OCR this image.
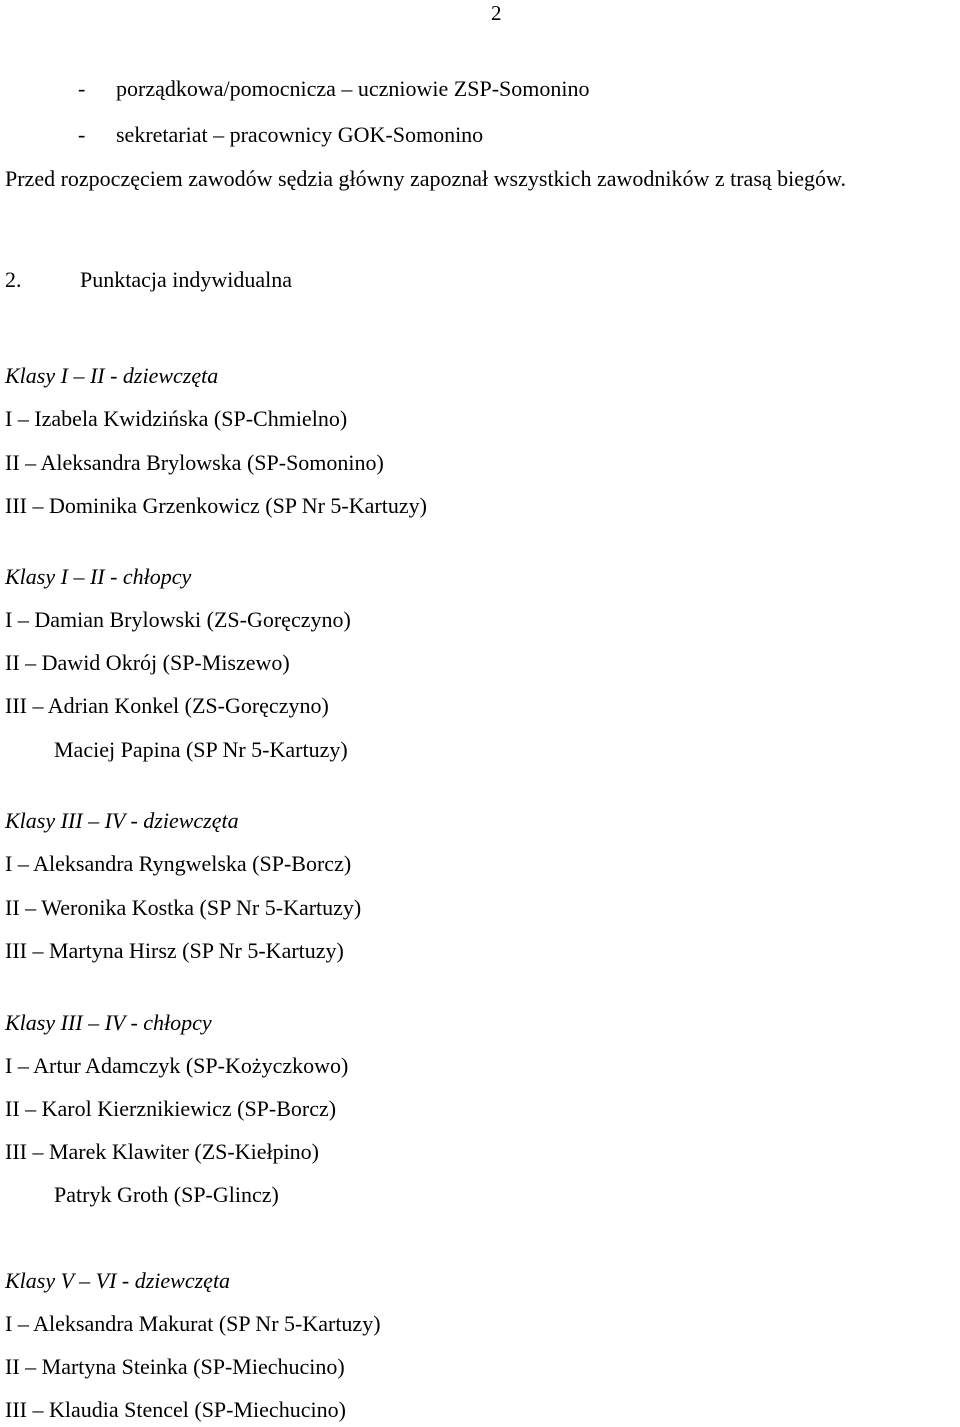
2
- porządkowa/pomocnicza – uczniowie ZSP-Somonino
- sekretariat – pracownicy GOK-Somonino
Przed rozpoczęciem zawodów sędzia główny zapoznał wszystkich zawodników z trasą biegów.
2.	Punktacja indywidualna
Klasy I – II - dziewczęta
I – Izabela Kwidzińska (SP-Chmielno)
II – Aleksandra Brylowska (SP-Somonino)
III – Dominika Grzenkowicz (SP Nr 5-Kartuzy)
Klasy I – II - chłopcy
I – Damian Brylowski (ZS-Goręczyno)
II – Dawid Okrój (SP-Miszewo)
III – Adrian Konkel (ZS-Goręczyno)
Maciej Papina (SP Nr 5-Kartuzy)
Klasy III – IV - dziewczęta
I – Aleksandra Ryngwelska (SP-Borcz)
II – Weronika Kostka (SP Nr 5-Kartuzy)
III – Martyna Hirsz (SP Nr 5-Kartuzy)
Klasy III – IV - chłopcy
I – Artur Adamczyk (SP-Kożyczkowo)
II – Karol Kierznikiewicz (SP-Borcz)
III – Marek Klawiter (ZS-Kiełpino)
Patryk Groth (SP-Glincz)
Klasy V – VI - dziewczęta
I – Aleksandra Makurat (SP Nr 5-Kartuzy)
II – Martyna Steinka (SP-Miechucino)
III – Klaudia Stencel (SP-Miechucino)
